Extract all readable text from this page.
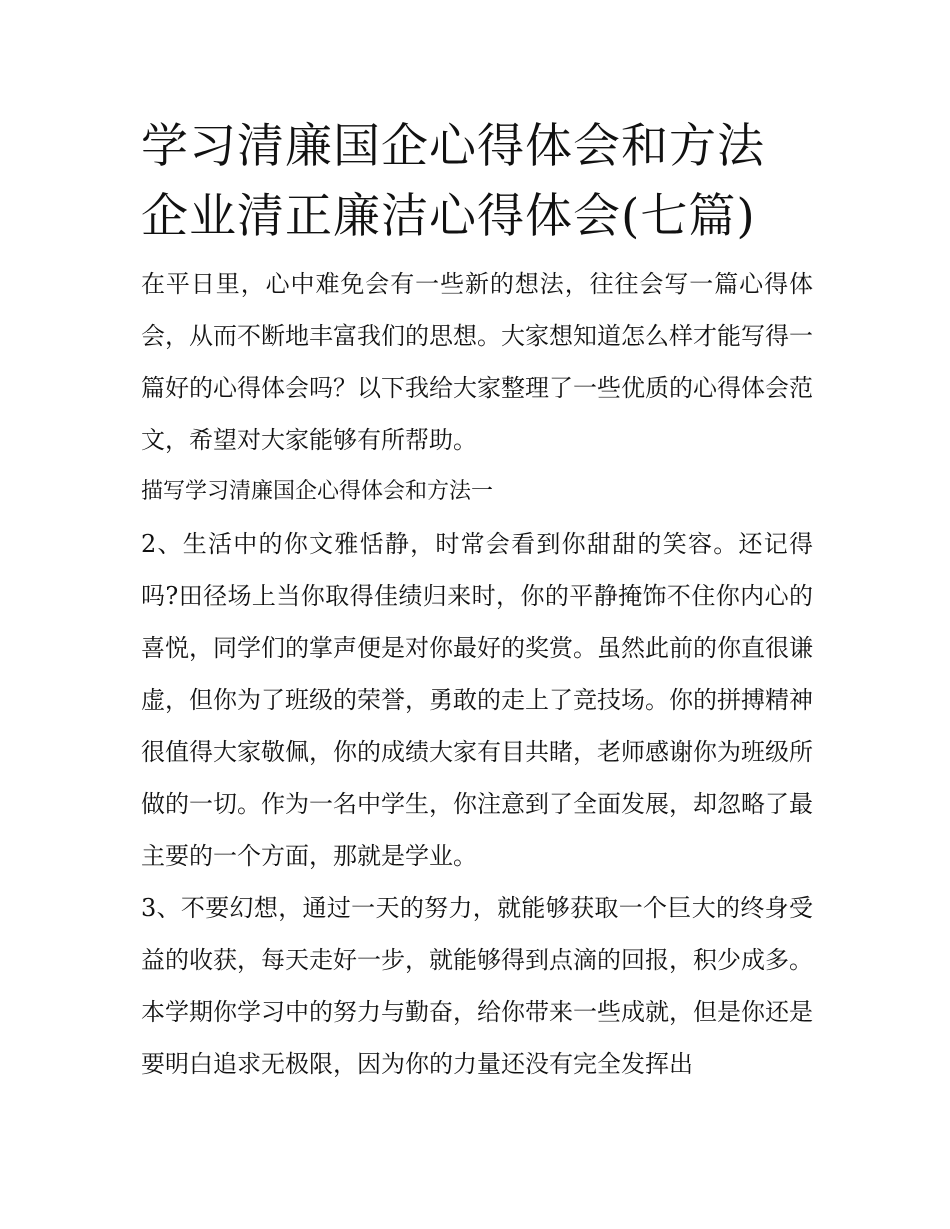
学习清廉国企心得体会和方法
企业清正廉洁心得体会(七篇)

在平日里，心中难免会有一些新的想法，往往会写一篇心得体会，从而不断地丰富我们的思想。大家想知道怎么样才能写得一篇好的心得体会吗？以下我给大家整理了一些优质的心得体会范文，希望对大家能够有所帮助。

描写学习清廉国企心得体会和方法一

2、生活中的你文雅恬静，时常会看到你甜甜的笑容。还记得吗?田径场上当你取得佳绩归来时，你的平静掩饰不住你内心的喜悦，同学们的掌声便是对你最好的奖赏。虽然此前的你直很谦虚，但你为了班级的荣誉，勇敢的走上了竞技场。你的拼搏精神很值得大家敬佩，你的成绩大家有目共睹，老师感谢你为班级所做的一切。作为一名中学生，你注意到了全面发展，却忽略了最主要的一个方面，那就是学业。

3、不要幻想，通过一天的努力，就能够获取一个巨大的终身受益的收获，每天走好一步，就能够得到点滴的回报，积少成多。本学期你学习中的努力与勤奋，给你带来一些成就，但是你还是要明白追求无极限，因为你的力量还没有完全发挥出
